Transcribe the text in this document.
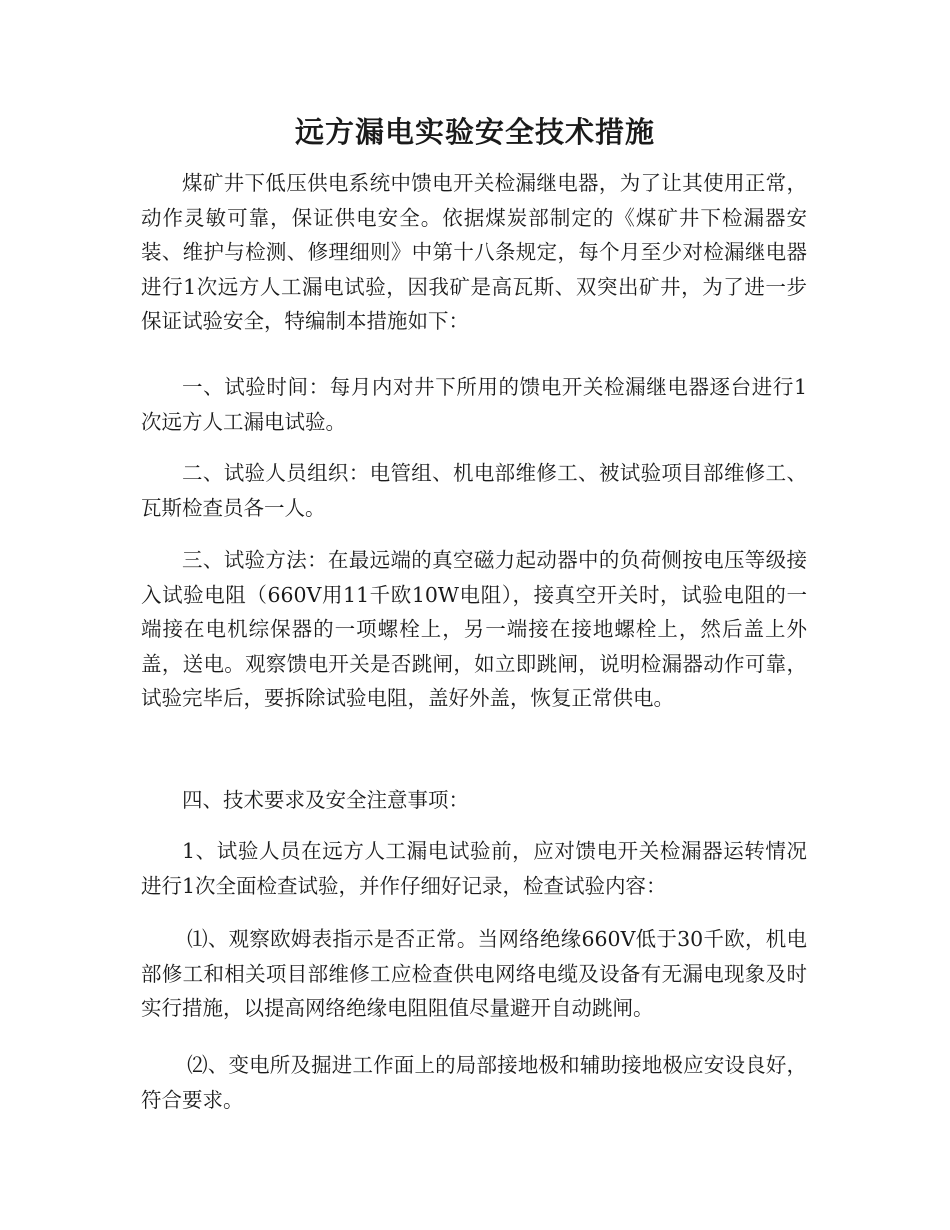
远方漏电实验安全技术措施
煤矿井下低压供电系统中馈电开关检漏继电器，为了让其使用正常，动作灵敏可靠，保证供电安全。依据煤炭部制定的《煤矿井下检漏器安装、维护与检测、修理细则》中第十八条规定，每个月至少对检漏继电器进行1次远方人工漏电试验，因我矿是高瓦斯、双突出矿井，为了进一步保证试验安全，特编制本措施如下：
一、试验时间：每月内对井下所用的馈电开关检漏继电器逐台进行1次远方人工漏电试验。
二、试验人员组织：电管组、机电部维修工、被试验项目部维修工、瓦斯检查员各一人。
三、试验方法：在最远端的真空磁力起动器中的负荷侧按电压等级接入试验电阻（660V用11千欧10W电阻），接真空开关时，试验电阻的一端接在电机综保器的一项螺栓上，另一端接在接地螺栓上，然后盖上外盖，送电。观察馈电开关是否跳闸，如立即跳闸，说明检漏器动作可靠，试验完毕后，要拆除试验电阻，盖好外盖，恢复正常供电。
四、技术要求及安全注意事项：
1、试验人员在远方人工漏电试验前，应对馈电开关检漏器运转情况进行1次全面检查试验，并作仔细好记录，检查试验内容：
⑴、观察欧姆表指示是否正常。当网络绝缘660V低于30千欧，机电部修工和相关项目部维修工应检查供电网络电缆及设备有无漏电现象及时实行措施，以提高网络绝缘电阻阻值尽量避开自动跳闸。
⑵、变电所及掘进工作面上的局部接地极和辅助接地极应安设良好，符合要求。
